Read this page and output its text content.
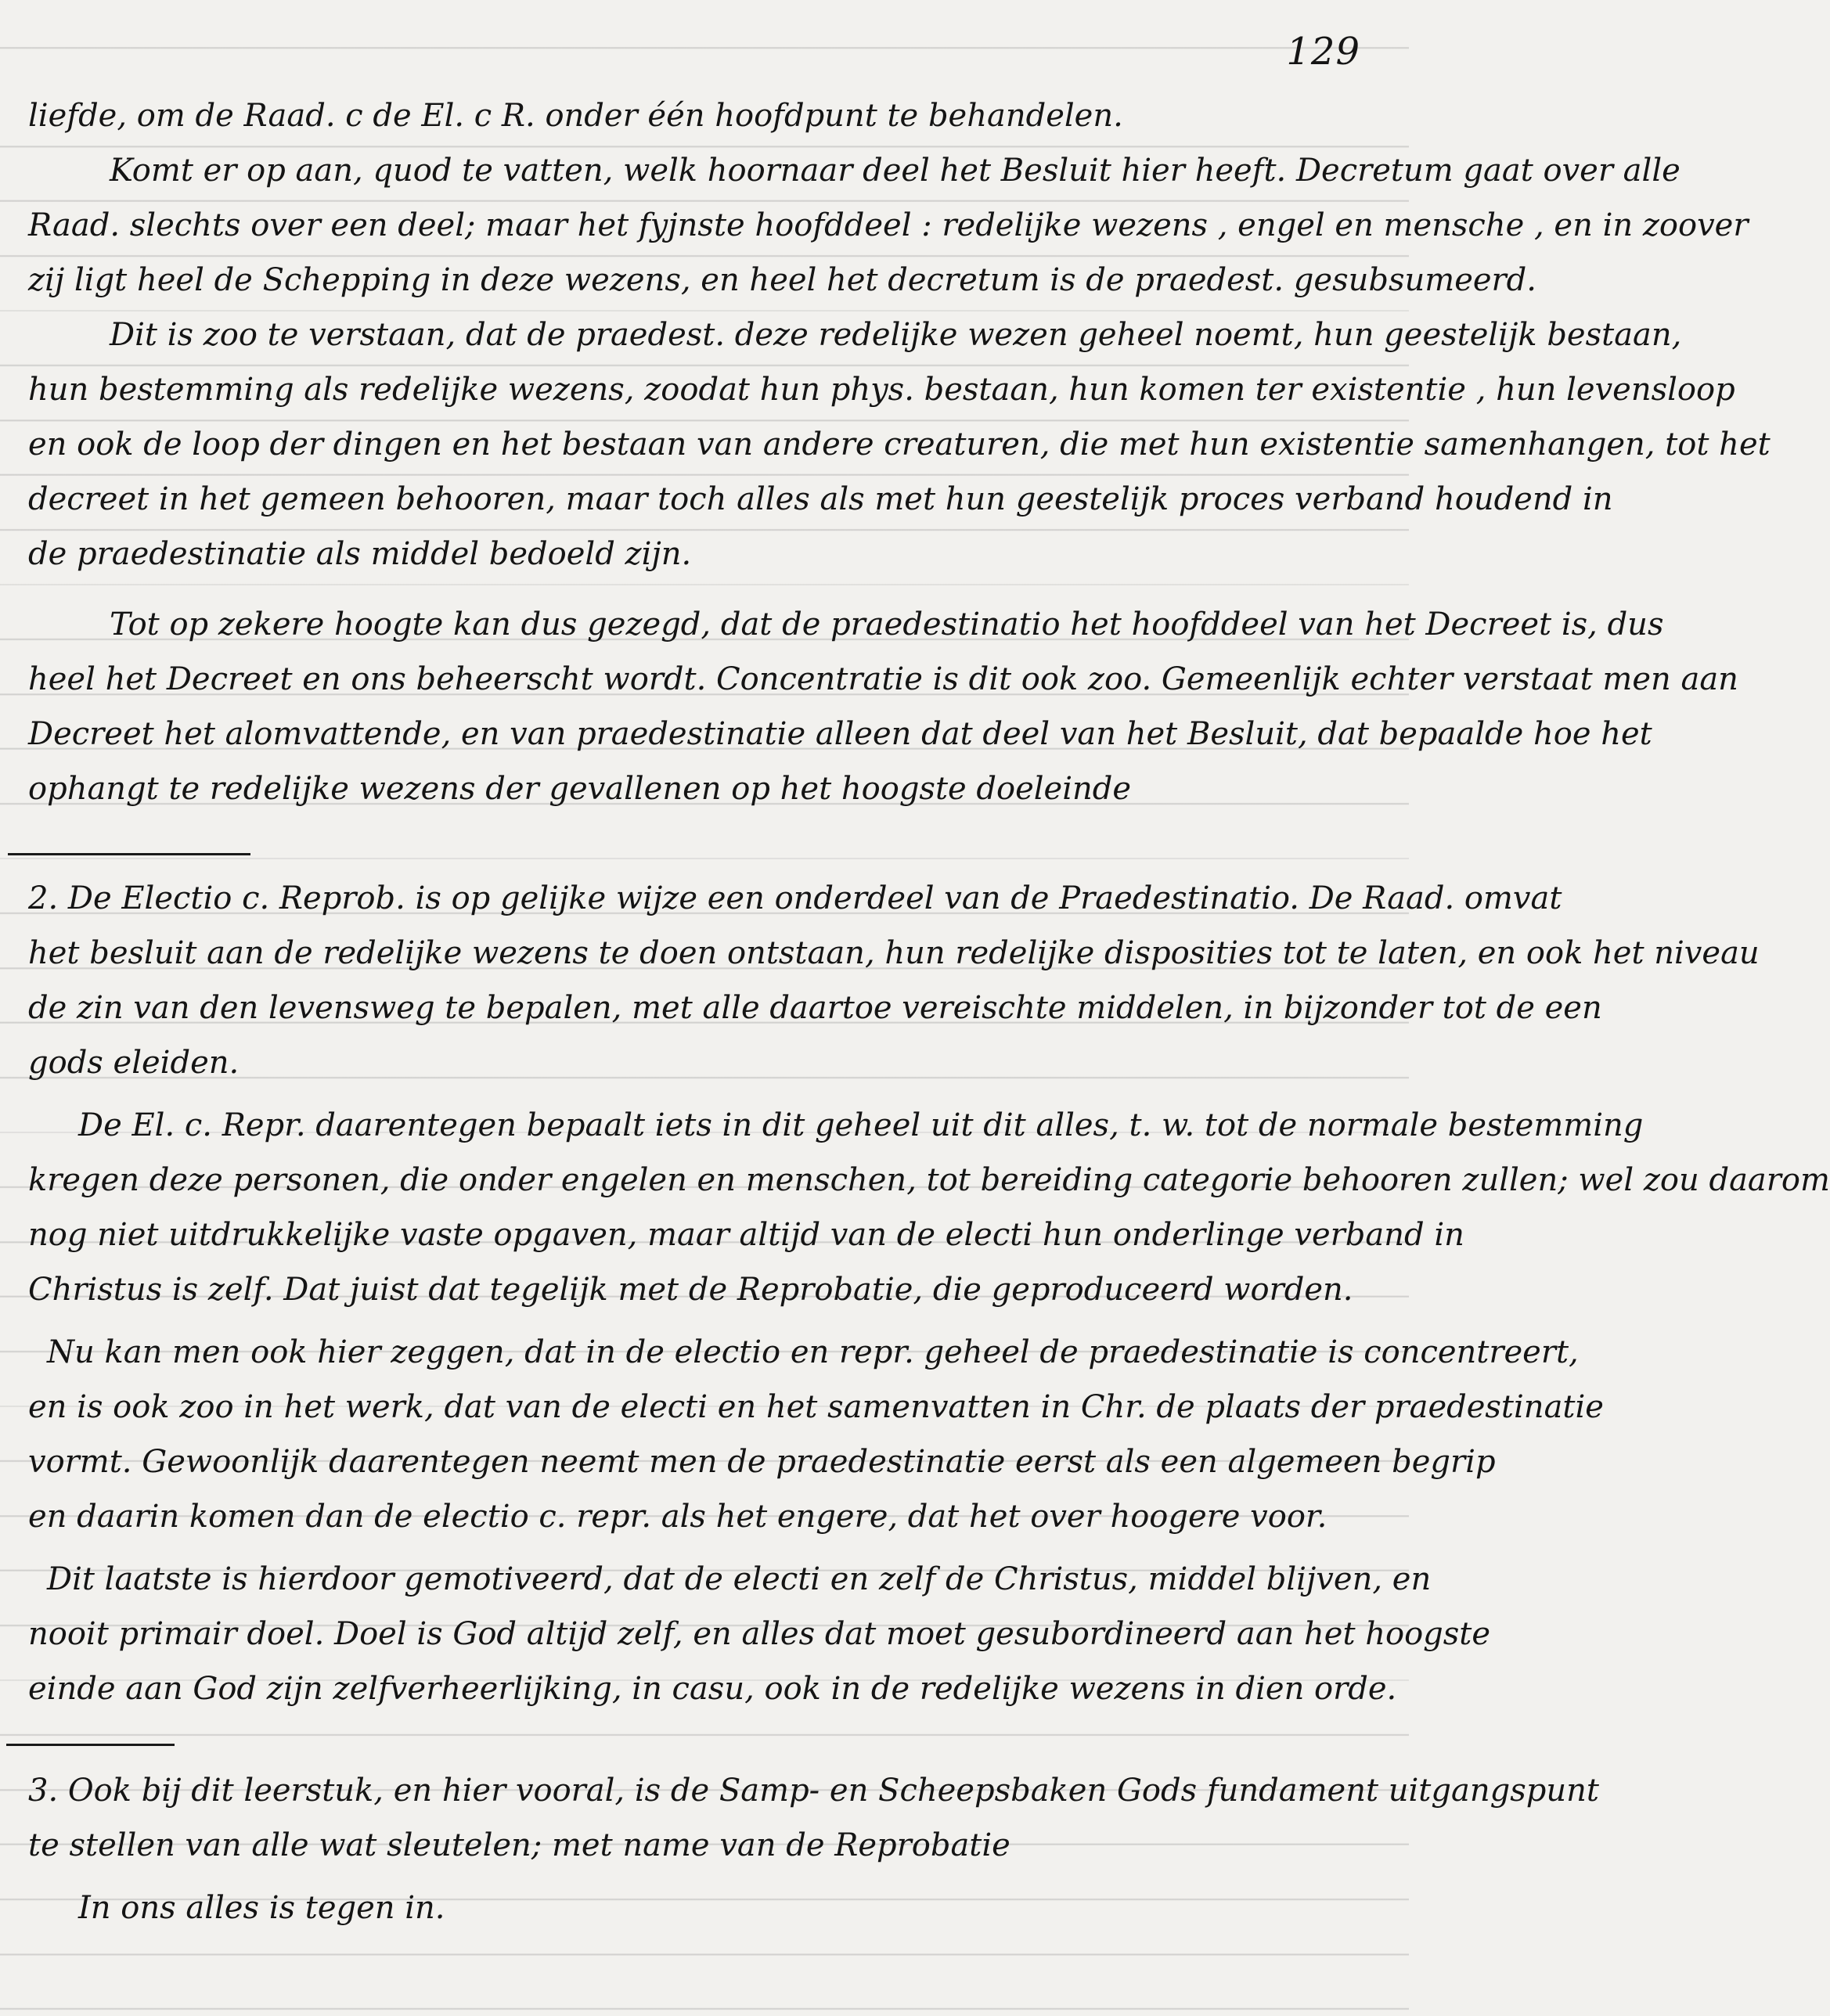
129
liefde, om de Raad. c de El. c R. onder één hoofdpunt te behandelen.
Komt er op aan, quod te vatten, welk hoornaar deel het Besluit hier heeft. Decretum gaat over alle
Raad. slechts over een deel; maar het fyjnste hoofddeel : redelijke wezens , engel en mensche , en in zoover
zij ligt heel de Schepping in deze wezens, en heel het decretum is de praedest. gesubsumeerd.
Dit is zoo te verstaan, dat de praedest. deze redelijke wezen geheel noemt, hun geestelijk bestaan,
hun bestemming als redelijke wezens, zoodat hun phys. bestaan, hun komen ter existentie , hun levensloop
en ook de loop der dingen en het bestaan van andere creaturen, die met hun existentie samenhangen, tot het
decreet in het gemeen behooren, maar toch alles als met hun geestelijk proces verband houdend in
de praedestinatie als middel bedoeld zijn.
Tot op zekere hoogte kan dus gezegd, dat de praedestinatio het hoofddeel van het Decreet is, dus
heel het Decreet en ons beheerscht wordt. Concentratie is dit ook zoo. Gemeenlijk echter verstaat men aan
Decreet het alomvattende, en van praedestinatie alleen dat deel van het Besluit, dat bepaalde hoe het
ophangt te redelijke wezens der gevallenen op het hoogste doeleinde
2. De Electio c. Reprob. is op gelijke wijze een onderdeel van de Praedestinatio. De Raad. omvat
het besluit aan de redelijke wezens te doen ontstaan, hun redelijke disposities tot te laten, en ook het niveau
de zin van den levensweg te bepalen, met alle daartoe vereischte middelen, in bijzonder tot de een
gods eleiden.
De El. c. Repr. daarentegen bepaalt iets in dit geheel uit dit alles, t. w. tot de normale bestemming
kregen deze personen, die onder engelen en menschen, tot bereiding categorie behooren zullen; wel zou daarom
nog niet uitdrukkelijke vaste opgaven, maar altijd van de electi hun onderlinge verband in
Christus is zelf. Dat juist dat tegelijk met de Reprobatie, die geproduceerd worden.
Nu kan men ook hier zeggen, dat in de electio en repr. geheel de praedestinatie is concentreert,
en is ook zoo in het werk, dat van de electi en het samenvatten in Chr. de plaats der praedestinatie
vormt. Gewoonlijk daarentegen neemt men de praedestinatie eerst als een algemeen begrip
en daarin komen dan de electio c. repr. als het engere, dat het over hoogere voor.
Dit laatste is hierdoor gemotiveerd, dat de electi en zelf de Christus, middel blijven, en
nooit primair doel. Doel is God altijd zelf, en alles dat moet gesubordineerd aan het hoogste
einde aan God zijn zelfverheerlijking, in casu, ook in de redelijke wezens in dien orde.
3. Ook bij dit leerstuk, en hier vooral, is de Samp- en Scheepsbaken Gods fundament uitgangspunt
te stellen van alle wat sleutelen; met name van de Reprobatie
In ons alles is tegen in.
